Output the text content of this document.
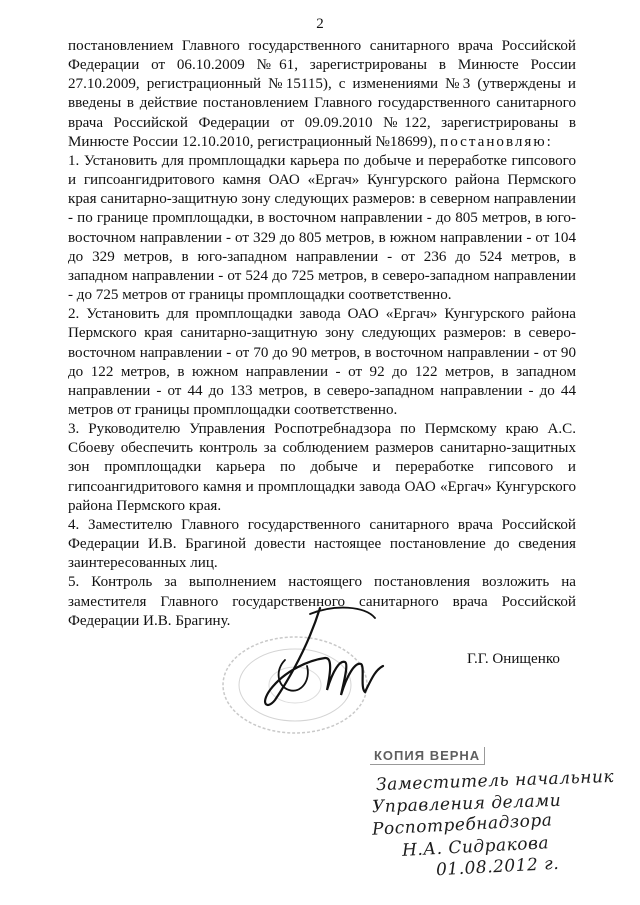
2

постановлением Главного государственного санитарного врача Российской Федерации от 06.10.2009 №61, зарегистрированы в Минюсте России 27.10.2009, регистрационный №15115), с изменениями №3 (утверждены и введены в действие постановлением Главного государственного санитарного врача Российской Федерации от 09.09.2010 №122, зарегистрированы в Минюсте России 12.10.2010, регистрационный №18699), постановляю:

1. Установить для промплощадки карьера по добыче и переработке гипсового и гипсоангидритового камня ОАО «Ергач» Кунгурского района Пермского края санитарно-защитную зону следующих размеров: в северном направлении - по границе промплощадки, в восточном направлении - до 805 метров, в юго-восточном направлении - от 329 до 805 метров, в южном направлении - от 104 до 329 метров, в юго-западном направлении - от 236 до 524 метров, в западном направлении - от 524 до 725 метров, в северо-западном направлении - до 725 метров от границы промплощадки соответственно.

2. Установить для промплощадки завода ОАО «Ергач» Кунгурского района Пермского края санитарно-защитную зону следующих размеров: в северо-восточном направлении - от 70 до 90 метров, в восточном направлении - от 90 до 122 метров, в южном направлении - от 92 до 122 метров, в западном направлении - от 44 до 133 метров, в северо-западном направлении - до 44 метров от границы промплощадки соответственно.

3. Руководителю Управления Роспотребнадзора по Пермскому краю А.С. Сбоеву обеспечить контроль за соблюдением размеров санитарно-защитных зон промплощадки карьера по добыче и переработке гипсового и гипсоангидритового камня и промплощадки завода ОАО «Ергач» Кунгурского района Пермского края.

4. Заместителю Главного государственного санитарного врача Российской Федерации И.В. Брагиной довести настоящее постановление до сведения заинтересованных лиц.

5. Контроль за выполнением настоящего постановления возложить на заместителя Главного государственного санитарного врача Российской Федерации И.В. Брагину.

Г.Г. Онищенко
КОПИЯ ВЕРНА
Заместитель начальник
Управления делами
Роспотребнадзора
Н.А. Сидракова
01.08.2012 г.
